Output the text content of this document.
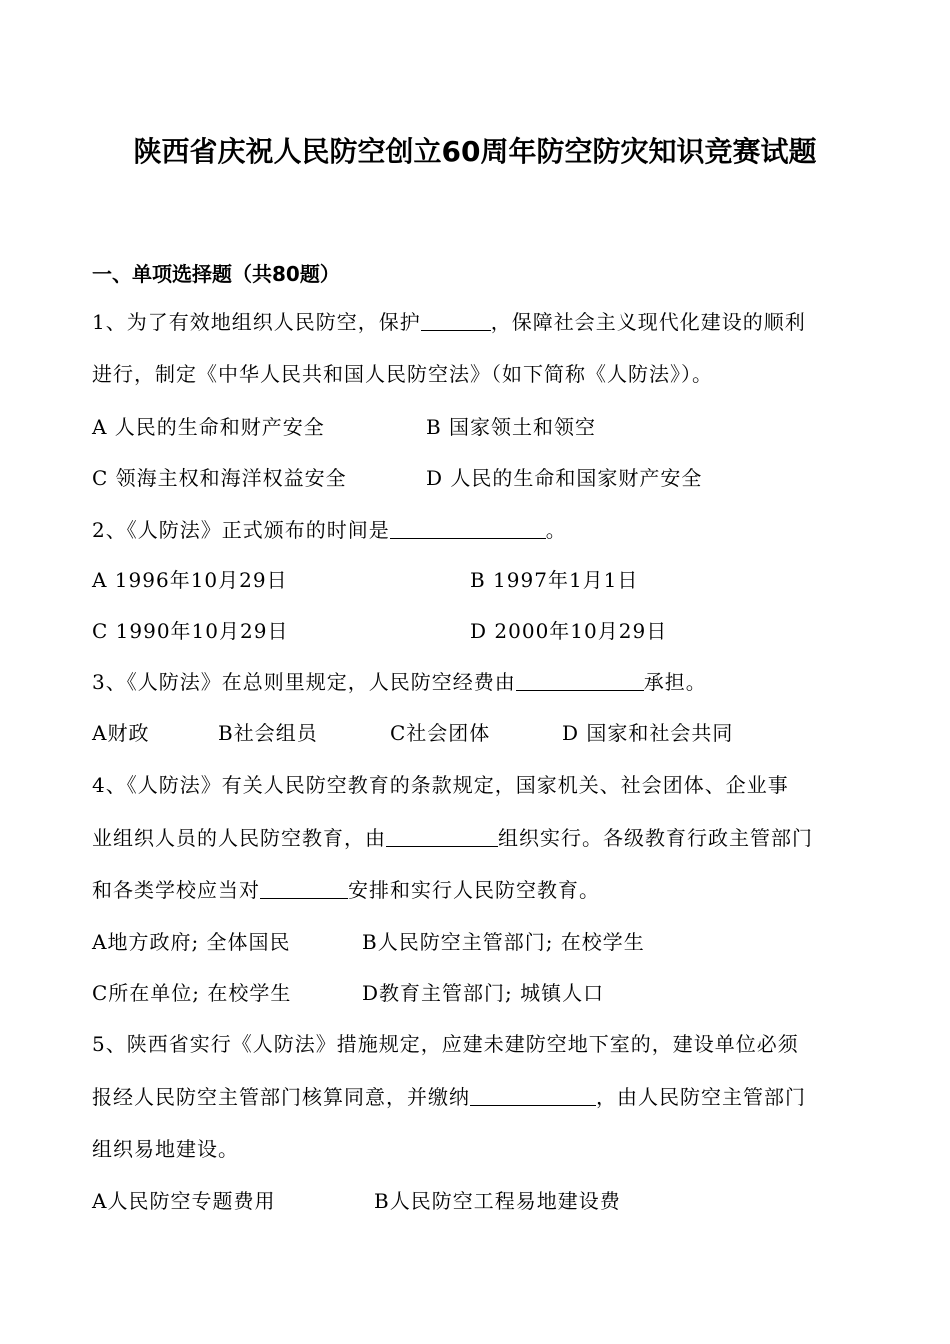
陕西省庆祝人民防空创立60周年防空防灾知识竞赛试题
一、单项选择题（共80题）
1、为了有效地组织人民防空，保护	，保障社会主义现代化建设的顺利
进行，制定《中华人民共和国人民防空法》（如下简称《人防法》）。
A 人民的生命和财产安全	B 国家领土和领空
C 领海主权和海洋权益安全	D 人民的生命和国家财产安全
2、《人防法》正式颁布的时间是	。
A 1996年10月29日	B 1997年1月1日
C 1990年10月29日	D 2000年10月29日
3、《人防法》在总则里规定，人民防空经费由	承担。
A财政	B社会组员	C社会团体	D 国家和社会共同
4、《人防法》有关人民防空教育的条款规定，国家机关、社会团体、企业事
业组织人员的人民防空教育，由	组织实行。各级教育行政主管部门
和各类学校应当对	安排和实行人民防空教育。
A地方政府; 全体国民	B人民防空主管部门; 在校学生
C所在单位; 在校学生	D教育主管部门; 城镇人口
5、陕西省实行《人防法》措施规定，应建未建防空地下室的，建设单位必须
报经人民防空主管部门核算同意，并缴纳	，由人民防空主管部门
组织易地建设。
A人民防空专题费用	B人民防空工程易地建设费
